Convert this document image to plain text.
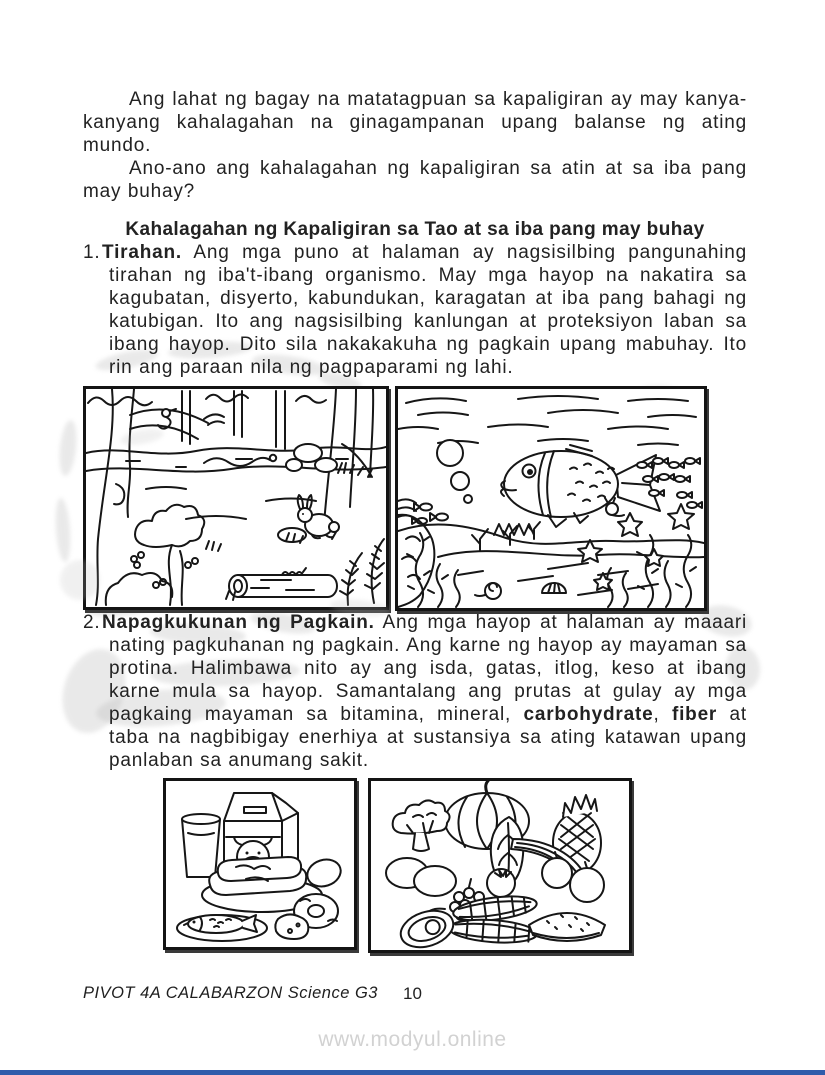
Ang lahat ng bagay na matatagpuan sa kapaligiran ay may kanya-kanyang kahalagahan na ginagampanan upang balanse ng ating mundo.

Ano-ano ang kahalagahan ng kapaligiran sa atin at sa iba pang may buhay?

Kahalagahan ng Kapaligiran sa Tao at sa iba pang may buhay

1.Tirahan. Ang mga puno at halaman ay nagsisilbing pangunahing tirahan ng iba't-ibang organismo. May mga hayop na nakatira sa kagubatan, disyerto, kabundukan, karagatan at iba pang bahagi ng katubigan. Ito ang nagsisilbing kanlungan at proteksiyon laban sa ibang hayop. Dito sila nakakakuha ng pagkain upang mabuhay. Ito rin ang paraan nila ng pagpaparami ng lahi.

2.Napagkukunan ng Pagkain. Ang mga hayop at halaman ay maaari nating pagkuhanan ng pagkain. Ang karne ng hayop ay mayaman sa protina. Halimbawa nito ay ang isda, gatas, itlog, keso at ibang karne mula sa hayop. Samantalang ang prutas at gulay ay mga pagkaing mayaman sa bitamina, mineral, carbohydrate, fiber at taba na nagbibigay enerhiya at sustansiya sa ating katawan upang panlaban sa anumang sakit.

PIVOT 4A CALABARZON Science G3	10
www.modyul.online
